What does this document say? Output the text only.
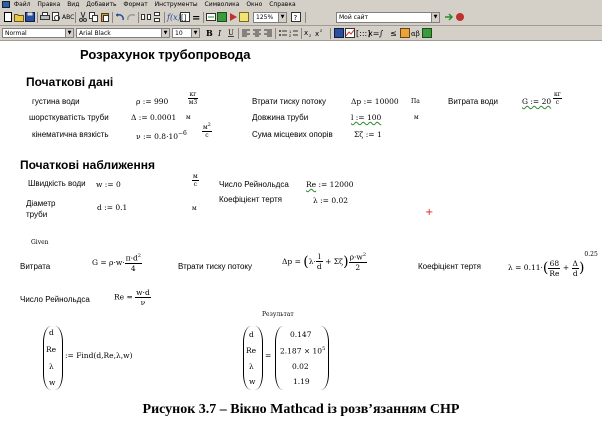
Файл Правка Вид Добавить Формат Инструменты Символика Окно Справка
ABC	f(x) [] =	125%	▼ ?	Мой сайт	▼
Normal	▼	Arial Black	▼	10	▼ B I U	1
2 x 2 x 2	[:::]
x= ∫ ≤ αβ
Розрахунок трубопровода
Початкові дані
густина води	ρ := 990	$\frac{кг}{м3}$	Втрати тиску потоку	Δp := 10000 Па	Витрата води	G := $20 \frac{кг}{с}$
шорсткуватість труби	Δ := 0.0001 м	Довжина труби	l := 100	м
кінематична вязкість	ν := $0.8\cdot 10^{-6}$	$\frac{м^2}{с}$	Сума місцевих опорів	Σζ := 1
Початкові наближення
Швидкість води w := 0	$\frac{м}{с}$	Число Рейнольдса Re := 12000
Діаметр
труби
d := 0.1	м
Коефіцієнт тертя	λ := 0.02
+
Given
Витрата	$G = \rho\cdot w\cdot \frac{\pi\cdot d^2}{4}$	Втрати тиску потоку
$\Delta p = (\lambda\cdot \frac{l}{d} + \Sigma\zeta) \frac{\rho\cdot w^2}{2}$	Коефіцієнт тертя	$\lambda = 0.11\cdot( \frac{68}{Re} + \frac{\Delta}{d} )^{0.25}$
Число Рейнольдса	$Re = \frac{w\cdot d}{\nu}$
Результат
d
Re
λ
w
:= Find(d,Re,λ,w)
d
Re
λ
w
=
0.147
$2.187 \times 10^5$
0.02
1.19
Рисунок 3.7 – Вікно Mathcad із розв’язанням СНР
